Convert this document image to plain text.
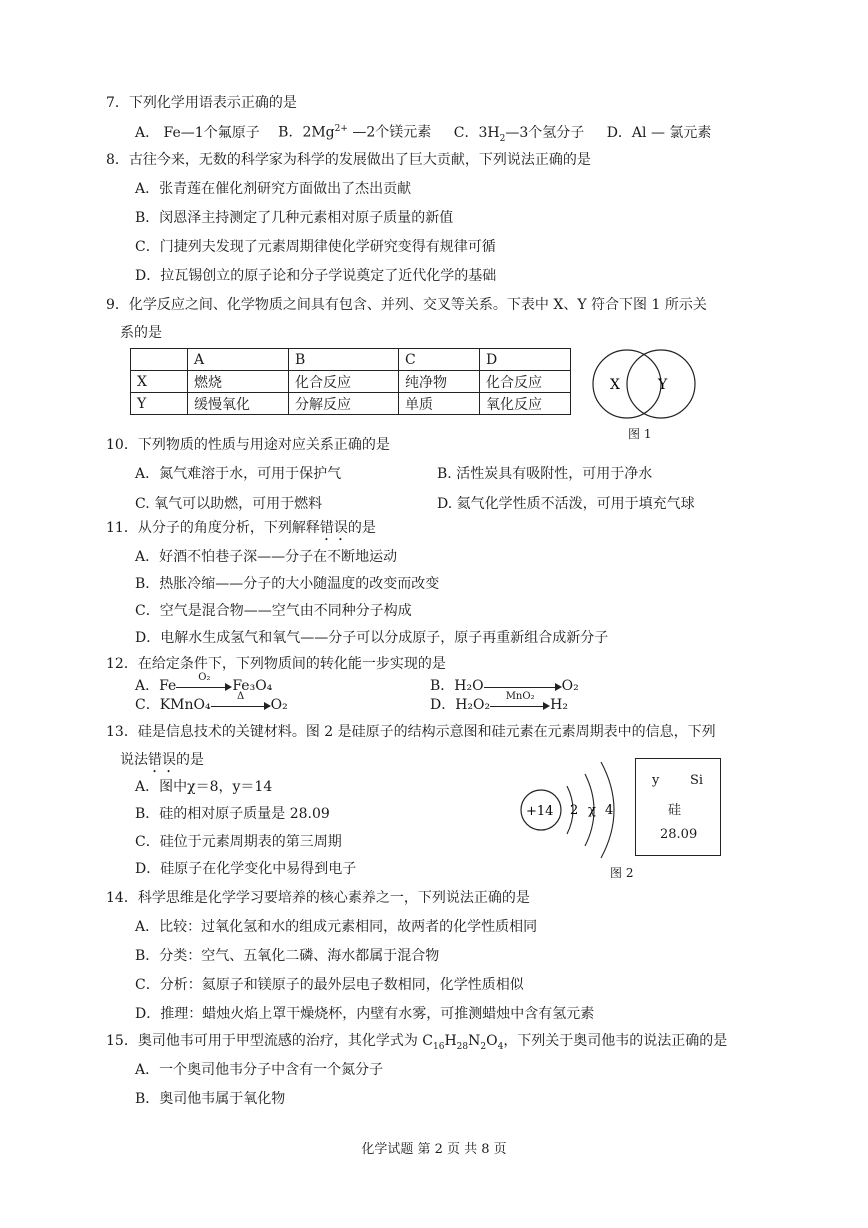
7．下列化学用语表示正确的是
A． Fe—1个氟原子 B．$2Mg^{2+}$ —2个镁元素 C．$3H_2—3$个氢分子 D．Al — 氯元素
8．古往今来，无数的科学家为科学的发展做出了巨大贡献，下列说法正确的是
A．张青莲在催化剂研究方面做出了杰出贡献
B．闵恩泽主持测定了几种元素相对原子质量的新值
C．门捷列夫发现了元素周期律使化学研究变得有规律可循
D．拉瓦锡创立的原子论和分子学说奠定了近代化学的基础
9．化学反应之间、化学物质之间具有包含、并列、交叉等关系。下表中 X、Y 符合下图 1 所示关
系的是
	A	B	C	D
X	燃烧	化合反应	纯净物	化合反应
Y	缓慢氧化	分解反应	单质	氧化反应
X	Y
图 1
10．下列物质的性质与用途对应关系正确的是
A．氮气难溶于水，可用于保护气	B. 活性炭具有吸附性，可用于净水
C. 氧气可以助燃，可用于燃料	D. 氦气化学性质不活泼，可用于填充气球
11．从分子的角度分析，下列解释错误的是
A．好酒不怕巷子深——分子在不断地运动
B．热胀冷缩——分子的大小随温度的改变而改变
C．空气是混合物——空气由不同种分子构成
D．电解水生成氢气和氧气——分子可以分成原子，原子再重新组合成新分子
12．在给定条件下，下列物质间的转化能一步实现的是
A．Fe
O₂
Fe₃O₄	B．H₂O	O₂
C．KMnO₄
Δ
O₂	D．H₂O₂
MnO₂
H₂
13．硅是信息技术的关键材料。图 2 是硅原子的结构示意图和硅元素在元素周期表中的信息，下列
说法错误的是
A．图中χ＝8，y＝14
B．硅的相对原子质量是 28.09
C．硅位于元素周期表的第三周期
D．硅原子在化学变化中易得到电子
+14 2 χ 4
y Si
硅
28.09
图 2
14．科学思维是化学学习要培养的核心素养之一，下列说法正确的是
A．比较：过氧化氢和水的组成元素相同，故两者的化学性质相同
B．分类：空气、五氧化二磷、海水都属于混合物
C．分析：氦原子和镁原子的最外层电子数相同，化学性质相似
D．推理：蜡烛火焰上罩干燥烧杯，内壁有水雾，可推测蜡烛中含有氢元素
15．奥司他韦可用于甲型流感的治疗，其化学式为 $C_{16}H_{28}N_2O_4$，下列关于奥司他韦的说法正确的是
A．一个奥司他韦分子中含有一个氮分子
B．奥司他韦属于氧化物
化学试题 第 2 页 共 8 页
